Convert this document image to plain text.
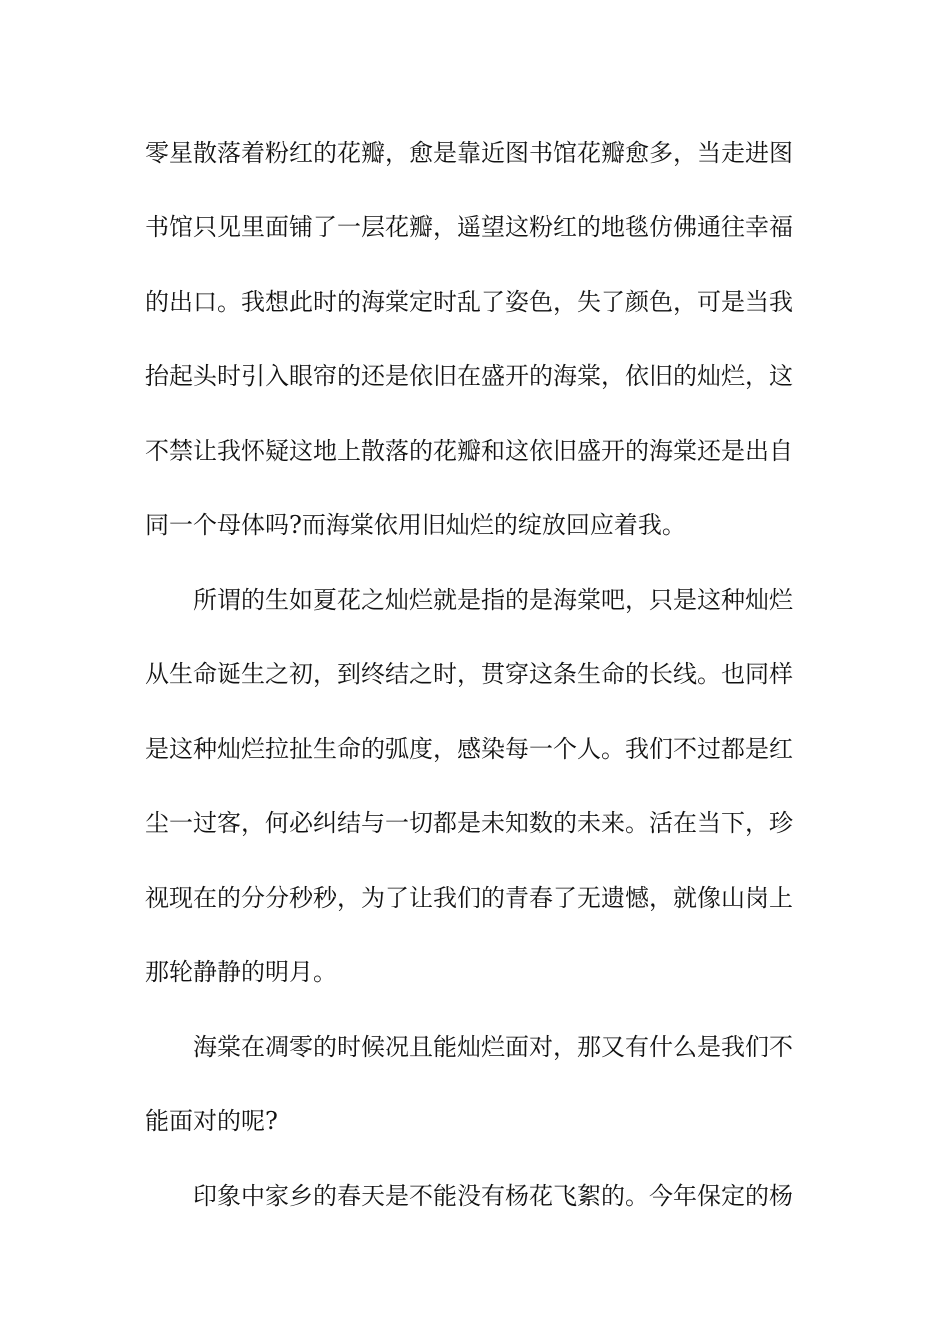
零星散落着粉红的花瓣，愈是靠近图书馆花瓣愈多，当走进图
书馆只见里面铺了一层花瓣，遥望这粉红的地毯仿佛通往幸福
的出口。我想此时的海棠定时乱了姿色，失了颜色，可是当我
抬起头时引入眼帘的还是依旧在盛开的海棠，依旧的灿烂，这
不禁让我怀疑这地上散落的花瓣和这依旧盛开的海棠还是出自
同一个母体吗?而海棠依用旧灿烂的绽放回应着我。
所谓的生如夏花之灿烂就是指的是海棠吧，只是这种灿烂
从生命诞生之初，到终结之时，贯穿这条生命的长线。也同样
是这种灿烂拉扯生命的弧度，感染每一个人。我们不过都是红
尘一过客，何必纠结与一切都是未知数的未来。活在当下，珍
视现在的分分秒秒，为了让我们的青春了无遗憾，就像山岗上
那轮静静的明月。
海棠在凋零的时候况且能灿烂面对，那又有什么是我们不
能面对的呢?
印象中家乡的春天是不能没有杨花飞絮的。今年保定的杨
